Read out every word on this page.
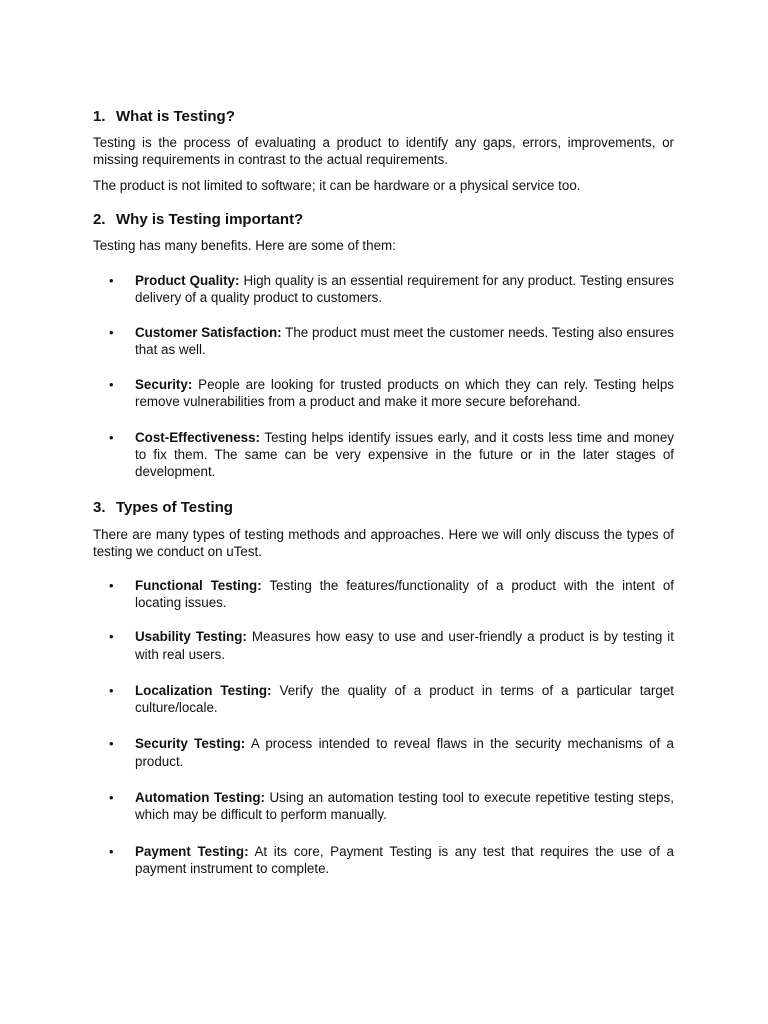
1. What is Testing?

Testing is the process of evaluating a product to identify any gaps, errors, improvements, or missing requirements in contrast to the actual requirements.

The product is not limited to software; it can be hardware or a physical service too.

2. Why is Testing important?

Testing has many benefits. Here are some of them:

• Product Quality: High quality is an essential requirement for any product. Testing ensures delivery of a quality product to customers.
• Customer Satisfaction: The product must meet the customer needs. Testing also ensures that as well.
• Security: People are looking for trusted products on which they can rely. Testing helps remove vulnerabilities from a product and make it more secure beforehand.
• Cost-Effectiveness: Testing helps identify issues early, and it costs less time and money to fix them. The same can be very expensive in the future or in the later stages of development.
3. Types of Testing

There are many types of testing methods and approaches. Here we will only discuss the types of testing we conduct on uTest.

• Functional Testing: Testing the features/functionality of a product with the intent of locating issues.
• Usability Testing: Measures how easy to use and user-friendly a product is by testing it with real users.
• Localization Testing: Verify the quality of a product in terms of a particular target culture/locale.
• Security Testing: A process intended to reveal flaws in the security mechanisms of a product.
• Automation Testing: Using an automation testing tool to execute repetitive testing steps, which may be difficult to perform manually.
• Payment Testing: At its core, Payment Testing is any test that requires the use of a payment instrument to complete.
